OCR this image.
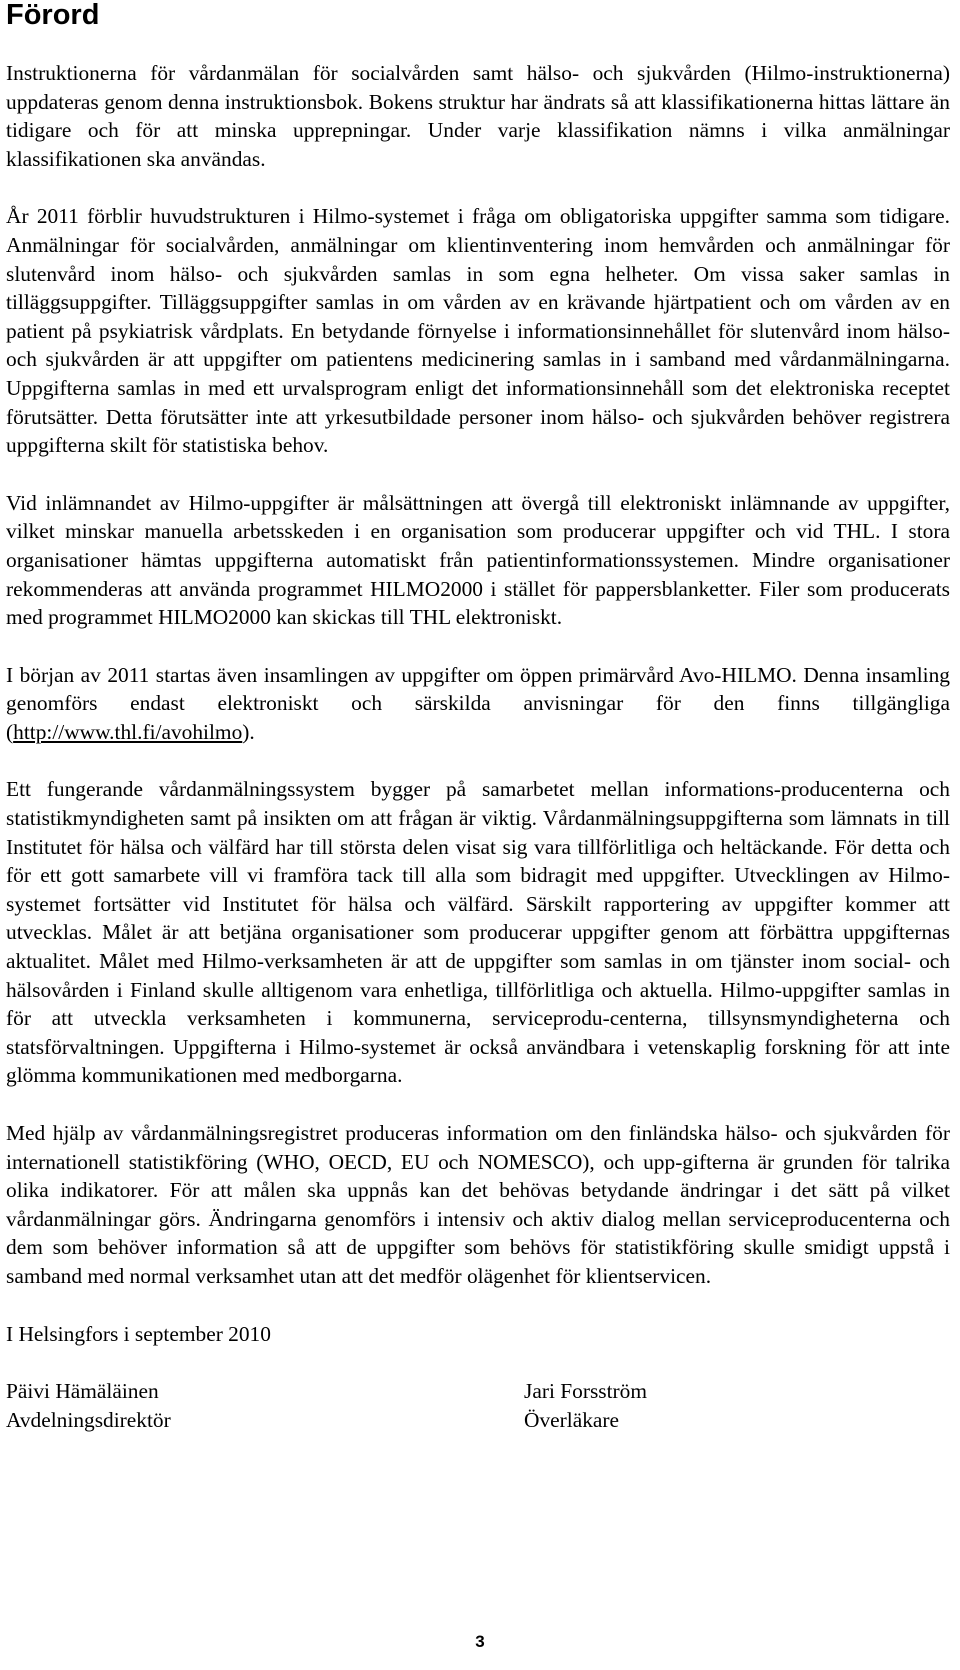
Förord

Instruktionerna för vårdanmälan för socialvården samt hälso- och sjukvården (Hilmo-instruktionerna) uppdateras genom denna instruktionsbok. Bokens struktur har ändrats så att klassifikationerna hittas lättare än tidigare och för att minska upprepningar. Under varje klassifikation nämns i vilka anmälningar klassifikationen ska användas.

År 2011 förblir huvudstrukturen i Hilmo-systemet i fråga om obligatoriska uppgifter samma som tidigare. Anmälningar för socialvården, anmälningar om klientinventering inom hemvården och anmälningar för slutenvård inom hälso- och sjukvården samlas in som egna helheter. Om vissa saker samlas in tilläggsuppgifter. Tilläggsuppgifter samlas in om vården av en krävande hjärtpatient och om vården av en patient på psykiatrisk vårdplats. En betydande förnyelse i informationsinnehållet för slutenvård inom hälso- och sjukvården är att uppgifter om patientens medicinering samlas in i samband med vårdanmälningarna. Uppgifterna samlas in med ett urvalsprogram enligt det informationsinnehåll som det elektroniska receptet förutsätter. Detta förutsätter inte att yrkesutbildade personer inom hälso- och sjukvården behöver registrera uppgifterna skilt för statistiska behov.

Vid inlämnandet av Hilmo-uppgifter är målsättningen att övergå till elektroniskt inlämnande av uppgifter, vilket minskar manuella arbetsskeden i en organisation som producerar uppgifter och vid THL. I stora organisationer hämtas uppgifterna automatiskt från patientinformationssystemen. Mindre organisationer rekommenderas att använda programmet HILMO2000 i stället för pappersblanketter. Filer som producerats med programmet HILMO2000 kan skickas till THL elektroniskt.

I början av 2011 startas även insamlingen av uppgifter om öppen primärvård Avo-HILMO. Denna insamling genomförs endast elektroniskt och särskilda anvisningar för den finns tillgängliga (http://www.thl.fi/avohilmo).

Ett fungerande vårdanmälningssystem bygger på samarbetet mellan informations-producenterna och statistikmyndigheten samt på insikten om att frågan är viktig. Vårdanmälningsuppgifterna som lämnats in till Institutet för hälsa och välfärd har till största delen visat sig vara tillförlitliga och heltäckande. För detta och för ett gott samarbete vill vi framföra tack till alla som bidragit med uppgifter. Utvecklingen av Hilmo-systemet fortsätter vid Institutet för hälsa och välfärd. Särskilt rapportering av uppgifter kommer att utvecklas. Målet är att betjäna organisationer som producerar uppgifter genom att förbättra uppgifternas aktualitet. Målet med Hilmo-verksamheten är att de uppgifter som samlas in om tjänster inom social- och hälsovården i Finland skulle alltigenom vara enhetliga, tillförlitliga och aktuella. Hilmo-uppgifter samlas in för att utveckla verksamheten i kommunerna, serviceprodu-centerna, tillsynsmyndigheterna och statsförvaltningen. Uppgifterna i Hilmo-systemet är också användbara i vetenskaplig forskning för att inte glömma kommunikationen med medborgarna.

Med hjälp av vårdanmälningsregistret produceras information om den finländska hälso- och sjukvården för internationell statistikföring (WHO, OECD, EU och NOMESCO), och upp-gifterna är grunden för talrika olika indikatorer. För att målen ska uppnås kan det behövas betydande ändringar i det sätt på vilket vårdanmälningar görs. Ändringarna genomförs i intensiv och aktiv dialog mellan serviceproducenterna och dem som behöver information så att de uppgifter som behövs för statistikföring skulle smidigt uppstå i samband med normal verksamhet utan att det medför olägenhet för klientservicen.

I Helsingfors i september 2010

Päivi Hämäläinen
Avdelningsdirektör
Jari Forsström
Överläkare
3
